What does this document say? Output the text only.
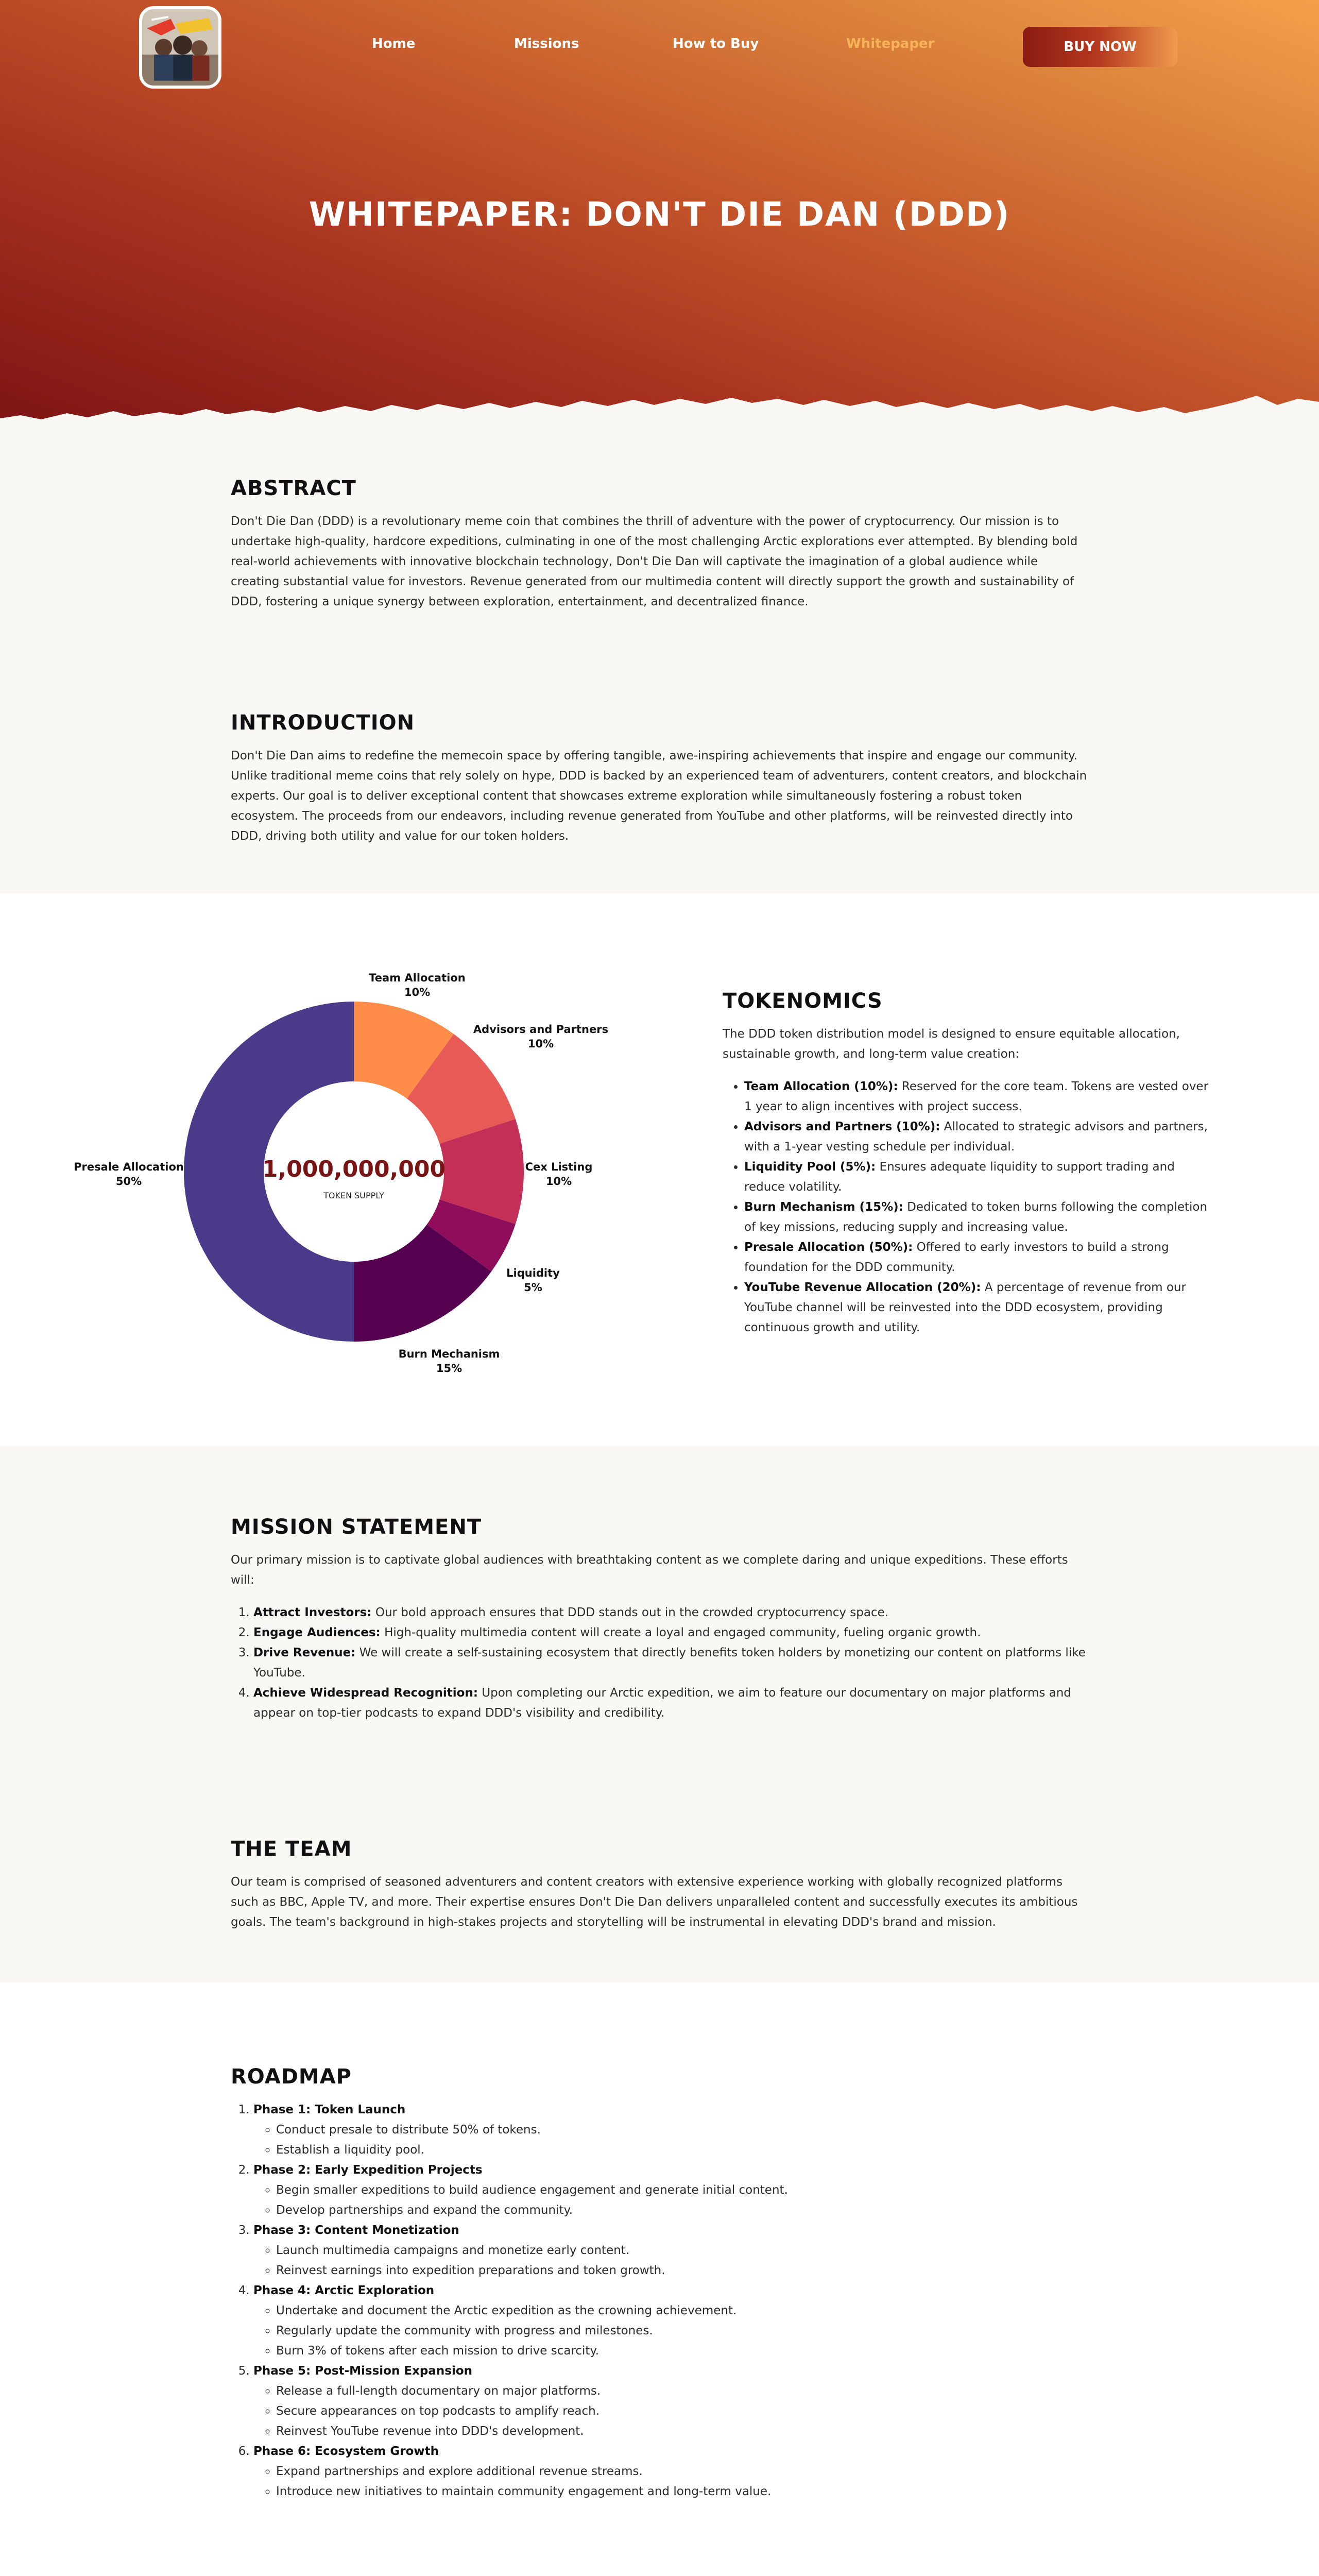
Home	Missions	How to Buy	Whitepaper	BUY NOW
WHITEPAPER: DON'T DIE DAN (DDD)
ABSTRACT

Don't Die Dan (DDD) is a revolutionary meme coin that combines the thrill of adventure with the power of cryptocurrency. Our mission is to undertake high-quality, hardcore expeditions, culminating in one of the most challenging Arctic explorations ever attempted. By blending bold real-world achievements with innovative blockchain technology, Don't Die Dan will captivate the imagination of a global audience while creating substantial value for investors. Revenue generated from our multimedia content will directly support the growth and sustainability of DDD, fostering a unique synergy between exploration, entertainment, and decentralized finance.

INTRODUCTION

Don't Die Dan aims to redefine the memecoin space by offering tangible, awe-inspiring achievements that inspire and engage our community. Unlike traditional meme coins that rely solely on hype, DDD is backed by an experienced team of adventurers, content creators, and blockchain experts. Our goal is to deliver exceptional content that showcases extreme exploration while simultaneously fostering a robust token ecosystem. The proceeds from our endeavors, including revenue generated from YouTube and other platforms, will be reinvested directly into DDD, driving both utility and value for our token holders.

Team Allocation
10%
Advisors and Partners
10%
Cex Listing
10%
Liquidity
5%
Burn Mechanism
15%
Presale Allocation
50%	1,000,000,000
TOKEN SUPPLY
TOKENOMICS

The DDD token distribution model is designed to ensure equitable allocation, sustainable growth, and long-term value creation:

• Team Allocation (10%): Reserved for the core team. Tokens are vested over 1 year to align incentives with project success.
• Advisors and Partners (10%): Allocated to strategic advisors and partners, with a 1-year vesting schedule per individual.
• Liquidity Pool (5%): Ensures adequate liquidity to support trading and reduce volatility.
• Burn Mechanism (15%): Dedicated to token burns following the completion of key missions, reducing supply and increasing value.
• Presale Allocation (50%): Offered to early investors to build a strong foundation for the DDD community.
• YouTube Revenue Allocation (20%): A percentage of revenue from our YouTube channel will be reinvested into the DDD ecosystem, providing continuous growth and utility.
MISSION STATEMENT

Our primary mission is to captivate global audiences with breathtaking content as we complete daring and unique expeditions. These efforts will:

1. Attract Investors: Our bold approach ensures that DDD stands out in the crowded cryptocurrency space.
2. Engage Audiences: High-quality multimedia content will create a loyal and engaged community, fueling organic growth.
3. Drive Revenue: We will create a self-sustaining ecosystem that directly benefits token holders by monetizing our content on platforms like YouTube.
4. Achieve Widespread Recognition: Upon completing our Arctic expedition, we aim to feature our documentary on major platforms and appear on top-tier podcasts to expand DDD's visibility and credibility.
THE TEAM

Our team is comprised of seasoned adventurers and content creators with extensive experience working with globally recognized platforms such as BBC, Apple TV, and more. Their expertise ensures Don't Die Dan delivers unparalleled content and successfully executes its ambitious goals. The team's background in high-stakes projects and storytelling will be instrumental in elevating DDD's brand and mission.

ROADMAP
1. Phase 1: Token Launch
◦ Conduct presale to distribute 50% of tokens.
◦ Establish a liquidity pool.
2. Phase 2: Early Expedition Projects
◦ Begin smaller expeditions to build audience engagement and generate initial content.
◦ Develop partnerships and expand the community.
3. Phase 3: Content Monetization
◦ Launch multimedia campaigns and monetize early content.
◦ Reinvest earnings into expedition preparations and token growth.
4. Phase 4: Arctic Exploration
◦ Undertake and document the Arctic expedition as the crowning achievement.
◦ Regularly update the community with progress and milestones.
◦ Burn 3% of tokens after each mission to drive scarcity.
5. Phase 5: Post-Mission Expansion
◦ Release a full-length documentary on major platforms.
◦ Secure appearances on top podcasts to amplify reach.
◦ Reinvest YouTube revenue into DDD's development.
6. Phase 6: Ecosystem Growth
◦ Expand partnerships and explore additional revenue streams.
◦ Introduce new initiatives to maintain community engagement and long-term value.
